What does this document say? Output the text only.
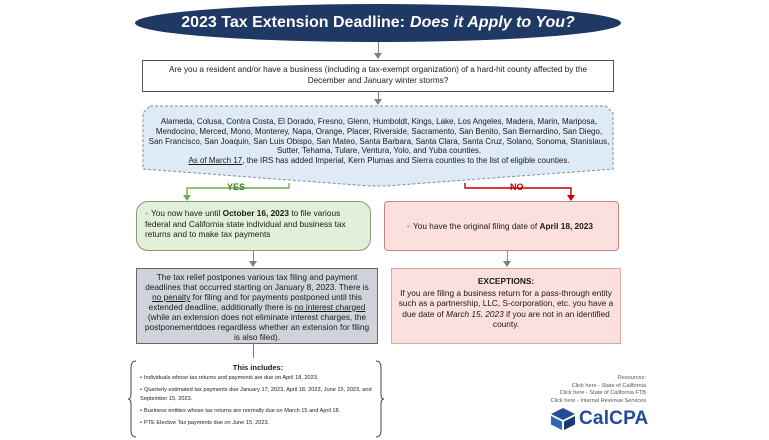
2023 Tax Extension Deadline: Does it Apply to You?
Are you a resident and/or have a business (including a tax-exempt organization) of a hard-hit county affected by the December and January winter storms?
Alameda, Colusa, Contra Costa, El Dorado, Fresno, Glenn, Humboldt, Kings, Lake, Los Angeles, Madera, Marin, Mariposa, Mendocino, Merced, Mono, Monterey, Napa, Orange, Placer, Riverside, Sacramento, San Benito, San Bernardino, San Diego, San Francisco, San Joaquin, San Luis Obispo, San Mateo, Santa Barbara, Santa Clara, Santa Cruz, Solano, Sonoma, Stanislaus, Sutter, Tehama, Tulare, Ventura, Yolo, and Yuba counties.
As of March 17, the IRS has added Imperial, Kern Plumas and Sierra counties to the list of eligible counties.
YES	NO
◦ You now have until October 16, 2023 to file various federal and California state individual and business tax returns and to make tax payments
◦ You have the original filing date of April 18, 2023
The tax relief postpones various tax filing and payment deadlines that occurred starting on January 8, 2023. There is no penalty for filing and for payments postponed until this extended deadline, additionally there is no interest charged (while an extension does not eliminate interest charges, the postponementdoes regardless whether an extension for filing is also filed).
EXCEPTIONS:
If you are filing a business return for a pass-through entity such as a partnership, LLC, S-corporation, etc. you have a due date of March 15, 2023 if you are not in an identified county.
This includes:
• Individuals whose tax returns and payments are due on April 18, 2023.
• Quarterly estimated tax payments due January 17, 2023, April 18, 2023, June 15, 2023, and September 15, 2023.
• Business entities whose tax returns are normally due on March 15 and April 18.
• PTE Elective Tax payments due on June 15, 2023.
Resources:
Click here - State of California
Click here - State of California FTB
Click here - Internal Revenue Services
CalCPA
